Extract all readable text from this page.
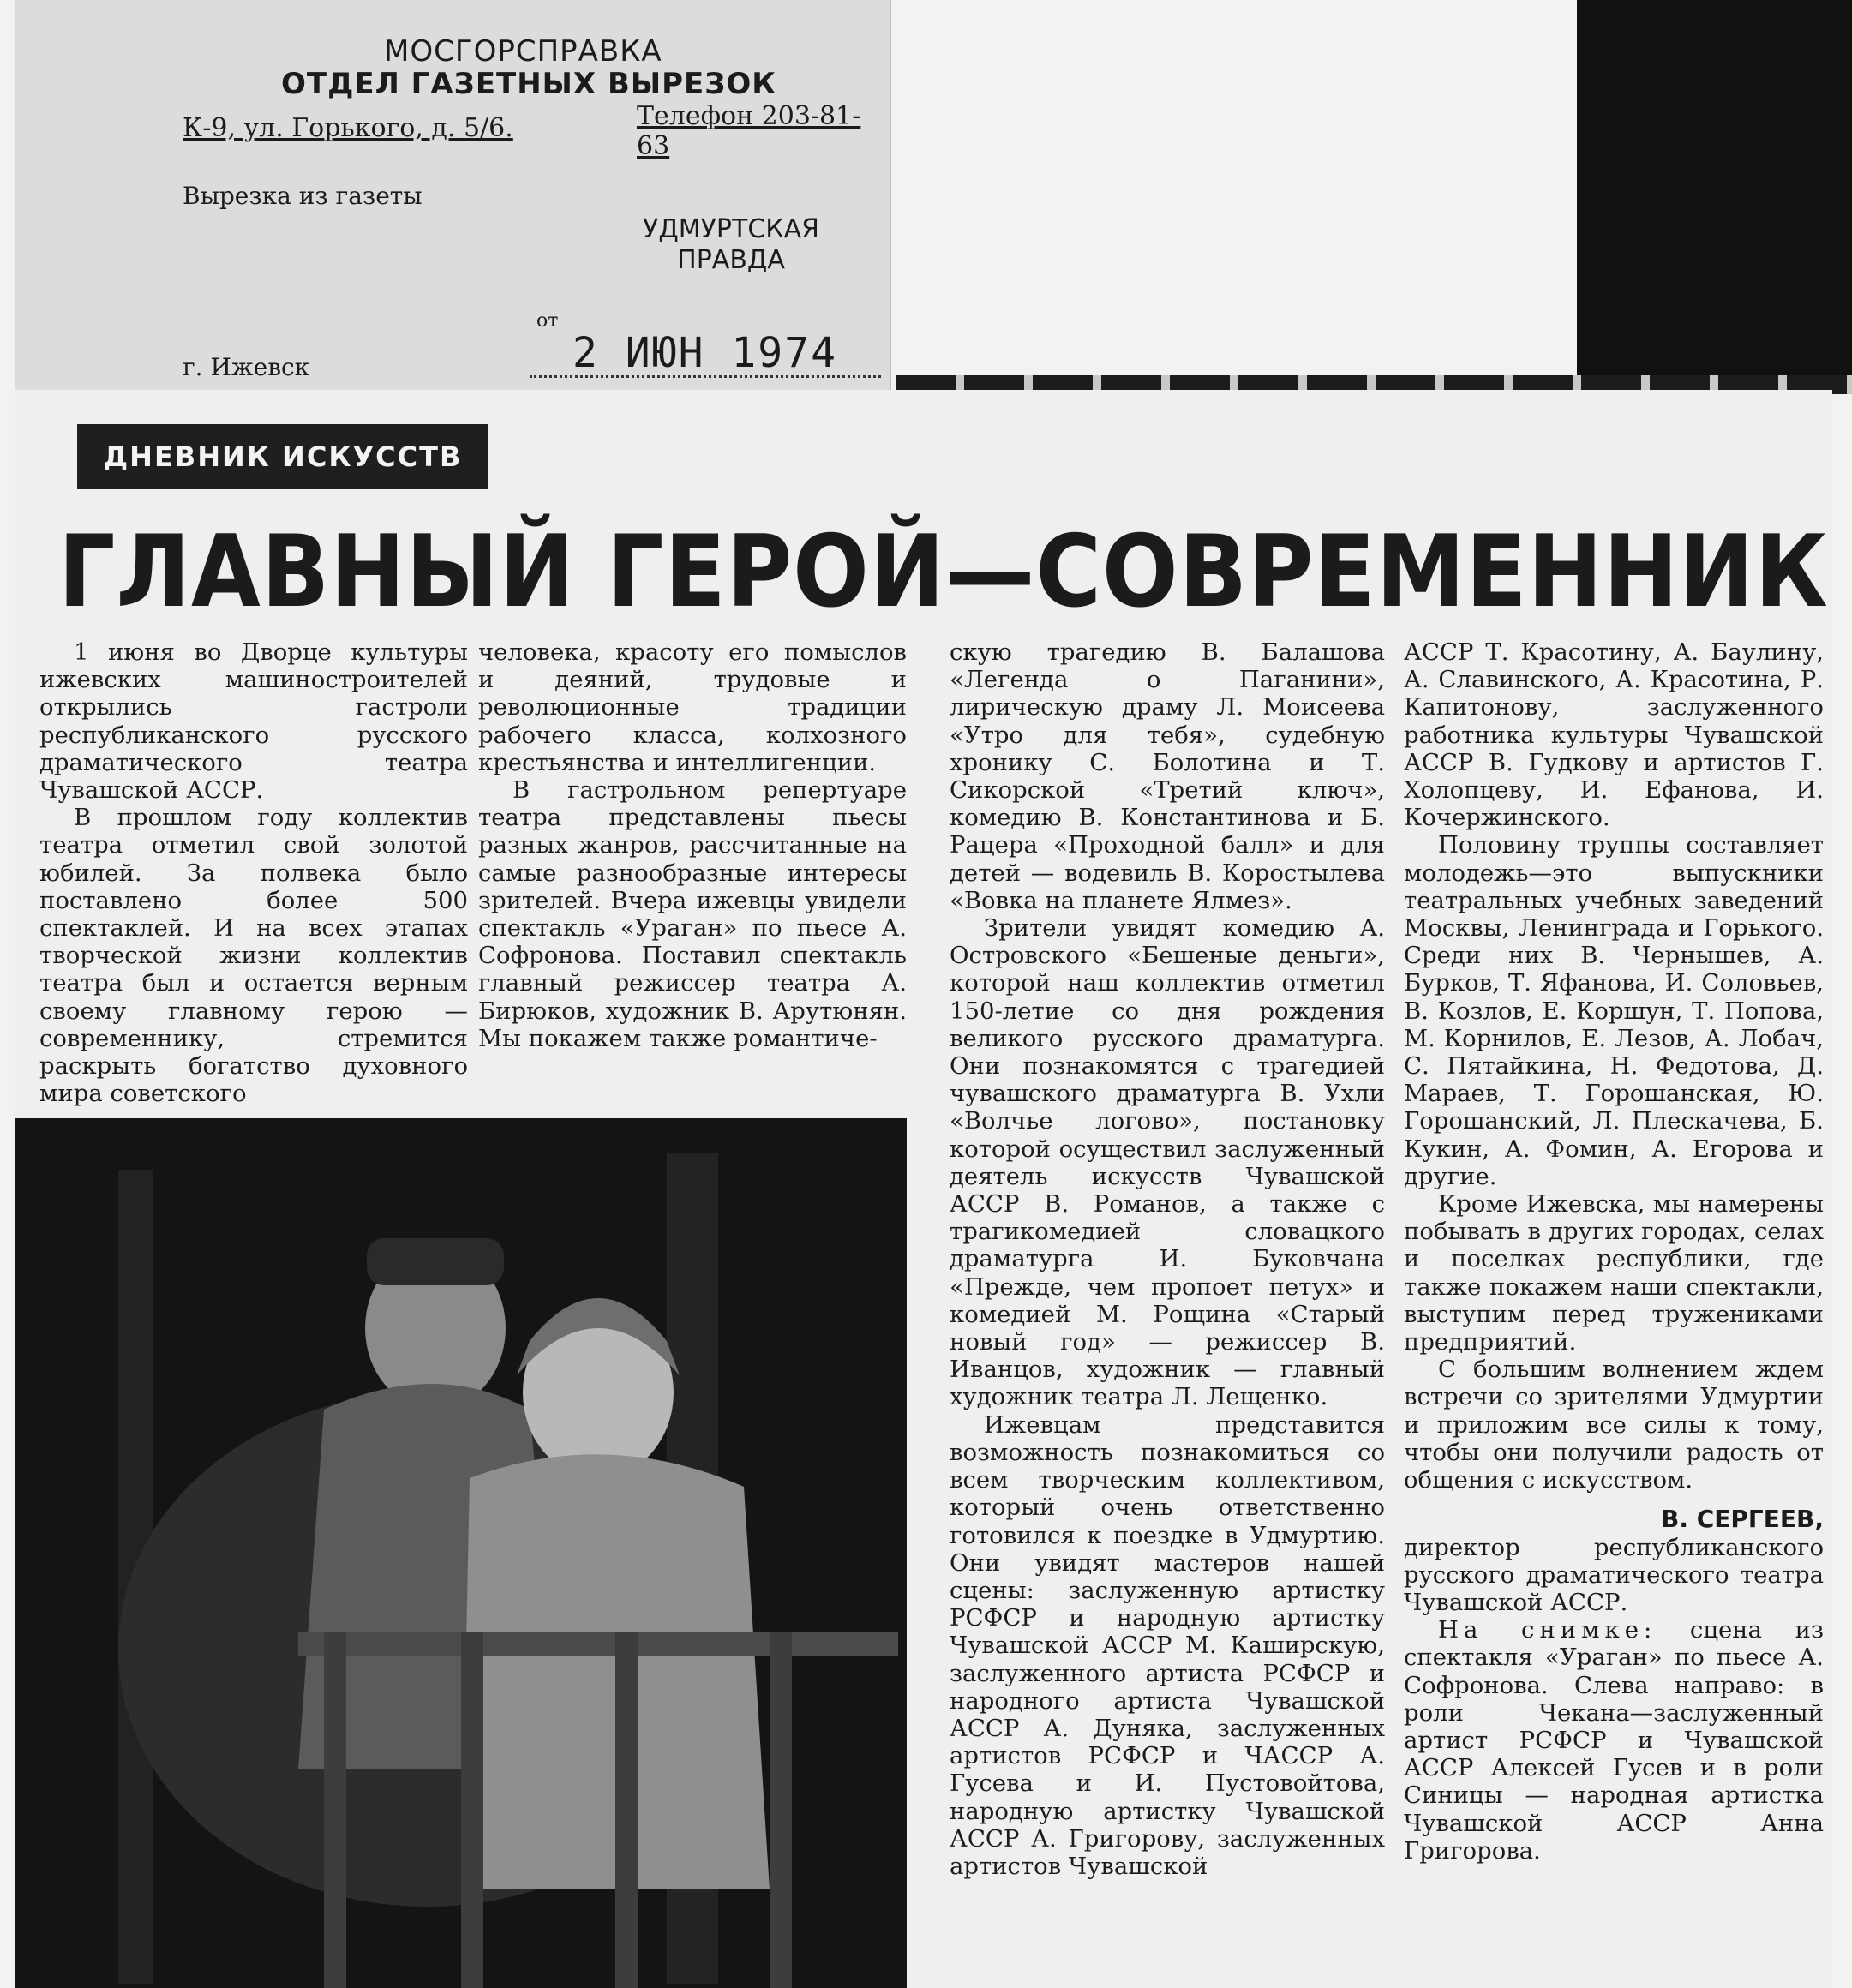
МОСГОРСПРАВКА
ОТДЕЛ ГАЗЕТНЫХ ВЫРЕЗОК
К-9, ул. Горького, д. 5/6.	Телефон 203-81-63
Вырезка из газеты
УДМУРТСКАЯ ПРАВДА
от
2 ИЮН 1974
г. Ижевск
ДНЕВНИК ИСКУССТВ
ГЛАВНЫЙ ГЕРОЙ—СОВРЕМЕННИК

1 июня во Дворце культуры ижевских машиностроителей открылись гастроли республиканского русского драматического театра Чувашской АССР.

В прошлом году коллектив театра отметил свой золотой юбилей. За полвека было поставлено более 500 спектаклей. И на всех этапах творческой жизни коллектив театра был и остается верным своему главному герою — современнику, стремится раскрыть богатство духовного мира советского

человека, красоту его помыслов и деяний, трудовые и революционные традиции рабочего класса, колхозного крестьянства и интеллигенции.

В гастрольном репертуаре театра представлены пьесы разных жанров, рассчитанные на самые разнообразные интересы зрителей. Вчера ижевцы увидели спектакль «Ураган» по пьесе А. Софронова. Поставил спектакль главный режиссер театра А. Бирюков, художник В. Арутюнян. Мы покажем также романтиче-

скую трагедию В. Балашова «Легенда о Паганини», лирическую драму Л. Моисеева «Утро для тебя», судебную хронику С. Болотина и Т. Сикорской «Третий ключ», комедию В. Константинова и Б. Рацера «Проходной балл» и для детей — водевиль В. Коростылева «Вовка на планете Ялмез».

Зрители увидят комедию А. Островского «Бешеные деньги», которой наш коллектив отметил 150-летие со дня рождения великого русского драматурга. Они познакомятся с трагедией чувашского драматурга В. Ухли «Волчье логово», постановку которой осуществил заслуженный деятель искусств Чувашской АССР В. Романов, а также с трагикомедией словацкого драматурга И. Буковчана «Прежде, чем пропоет петух» и комедией М. Рощина «Старый новый год» — режиссер В. Иванцов, художник — главный художник театра Л. Лещенко.

Ижевцам представится возможность познакомиться со всем творческим коллективом, который очень ответственно готовился к поездке в Удмуртию. Они увидят мастеров нашей сцены: заслуженную артистку РСФСР и народную артистку Чувашской АССР М. Каширскую, заслуженного артиста РСФСР и народного артиста Чувашской АССР А. Дуняка, заслуженных артистов РСФСР и ЧАССР А. Гусева и И. Пустовойтова, народную артистку Чувашской АССР А. Григорову, заслуженных артистов Чувашской

АССР Т. Красотину, А. Баулину, А. Славинского, А. Красотина, Р. Капитонову, заслуженного работника культуры Чувашской АССР В. Гудкову и артистов Г. Холопцеву, И. Ефанова, И. Кочержинского.

Половину труппы составляет молодежь—это выпускники театральных учебных заведений Москвы, Ленинграда и Горького. Среди них В. Чернышев, А. Бурков, Т. Яфанова, И. Соловьев, В. Козлов, Е. Коршун, Т. Попова, М. Корнилов, Е. Лезов, А. Лобач, С. Пятайкина, Н. Федотова, Д. Мараев, Т. Горошанская, Ю. Горошанский, Л. Плескачева, Б. Кукин, А. Фомин, А. Егорова и другие.

Кроме Ижевска, мы намерены побывать в других городах, селах и поселках республики, где также покажем наши спектакли, выступим перед тружениками предприятий.

С большим волнением ждем встречи со зрителями Удмуртии и приложим все силы к тому, чтобы они получили радость от общения с искусством.

В. СЕРГЕЕВ,

директор республиканского русского драматического театра Чувашской АССР.

На снимке: сцена из спектакля «Ураган» по пьесе А. Софронова. Слева направо: в роли Чекана—заслуженный артист РСФСР и Чувашской АССР Алексей Гусев и в роли Синицы — народная артистка Чувашской АССР Анна Григорова.
